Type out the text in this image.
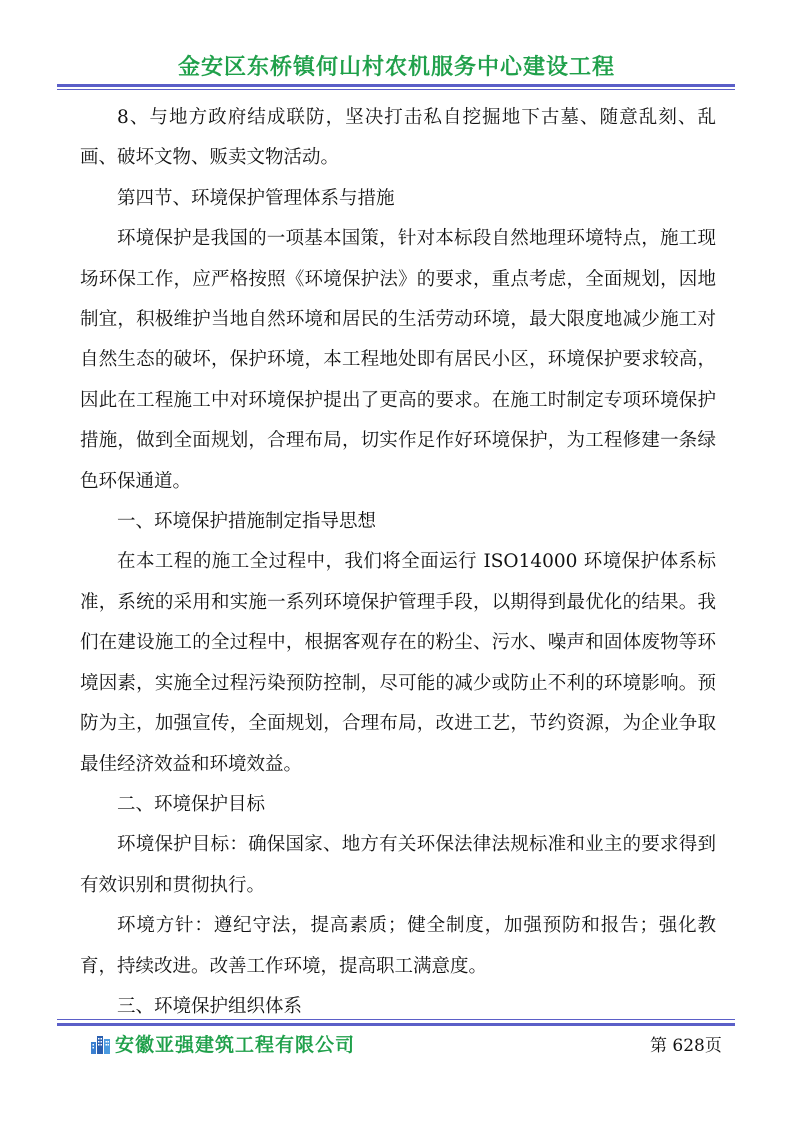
金安区东桥镇何山村农机服务中心建设工程

8、与地方政府结成联防，坚决打击私自挖掘地下古墓、随意乱刻、乱画、破坏文物、贩卖文物活动。

第四节、环境保护管理体系与措施

环境保护是我国的一项基本国策，针对本标段自然地理环境特点，施工现场环保工作，应严格按照《环境保护法》的要求，重点考虑，全面规划，因地制宜，积极维护当地自然环境和居民的生活劳动环境，最大限度地减少施工对自然生态的破坏，保护环境，本工程地处即有居民小区，环境保护要求较高，因此在工程施工中对环境保护提出了更高的要求。在施工时制定专项环境保护措施，做到全面规划，合理布局，切实作足作好环境保护，为工程修建一条绿色环保通道。

一、环境保护措施制定指导思想

在本工程的施工全过程中，我们将全面运行 ISO14000 环境保护体系标准，系统的采用和实施一系列环境保护管理手段，以期得到最优化的结果。我们在建设施工的全过程中，根据客观存在的粉尘、污水、噪声和固体废物等环境因素，实施全过程污染预防控制，尽可能的减少或防止不利的环境影响。预防为主，加强宣传，全面规划，合理布局，改进工艺，节约资源，为企业争取最佳经济效益和环境效益。

二、环境保护目标

环境保护目标：确保国家、地方有关环保法律法规标准和业主的要求得到有效识别和贯彻执行。

环境方针：遵纪守法，提高素质；健全制度，加强预防和报告；强化教育，持续改进。改善工作环境，提高职工满意度。

三、环境保护组织体系

安徽亚强建筑工程有限公司	第 628页
